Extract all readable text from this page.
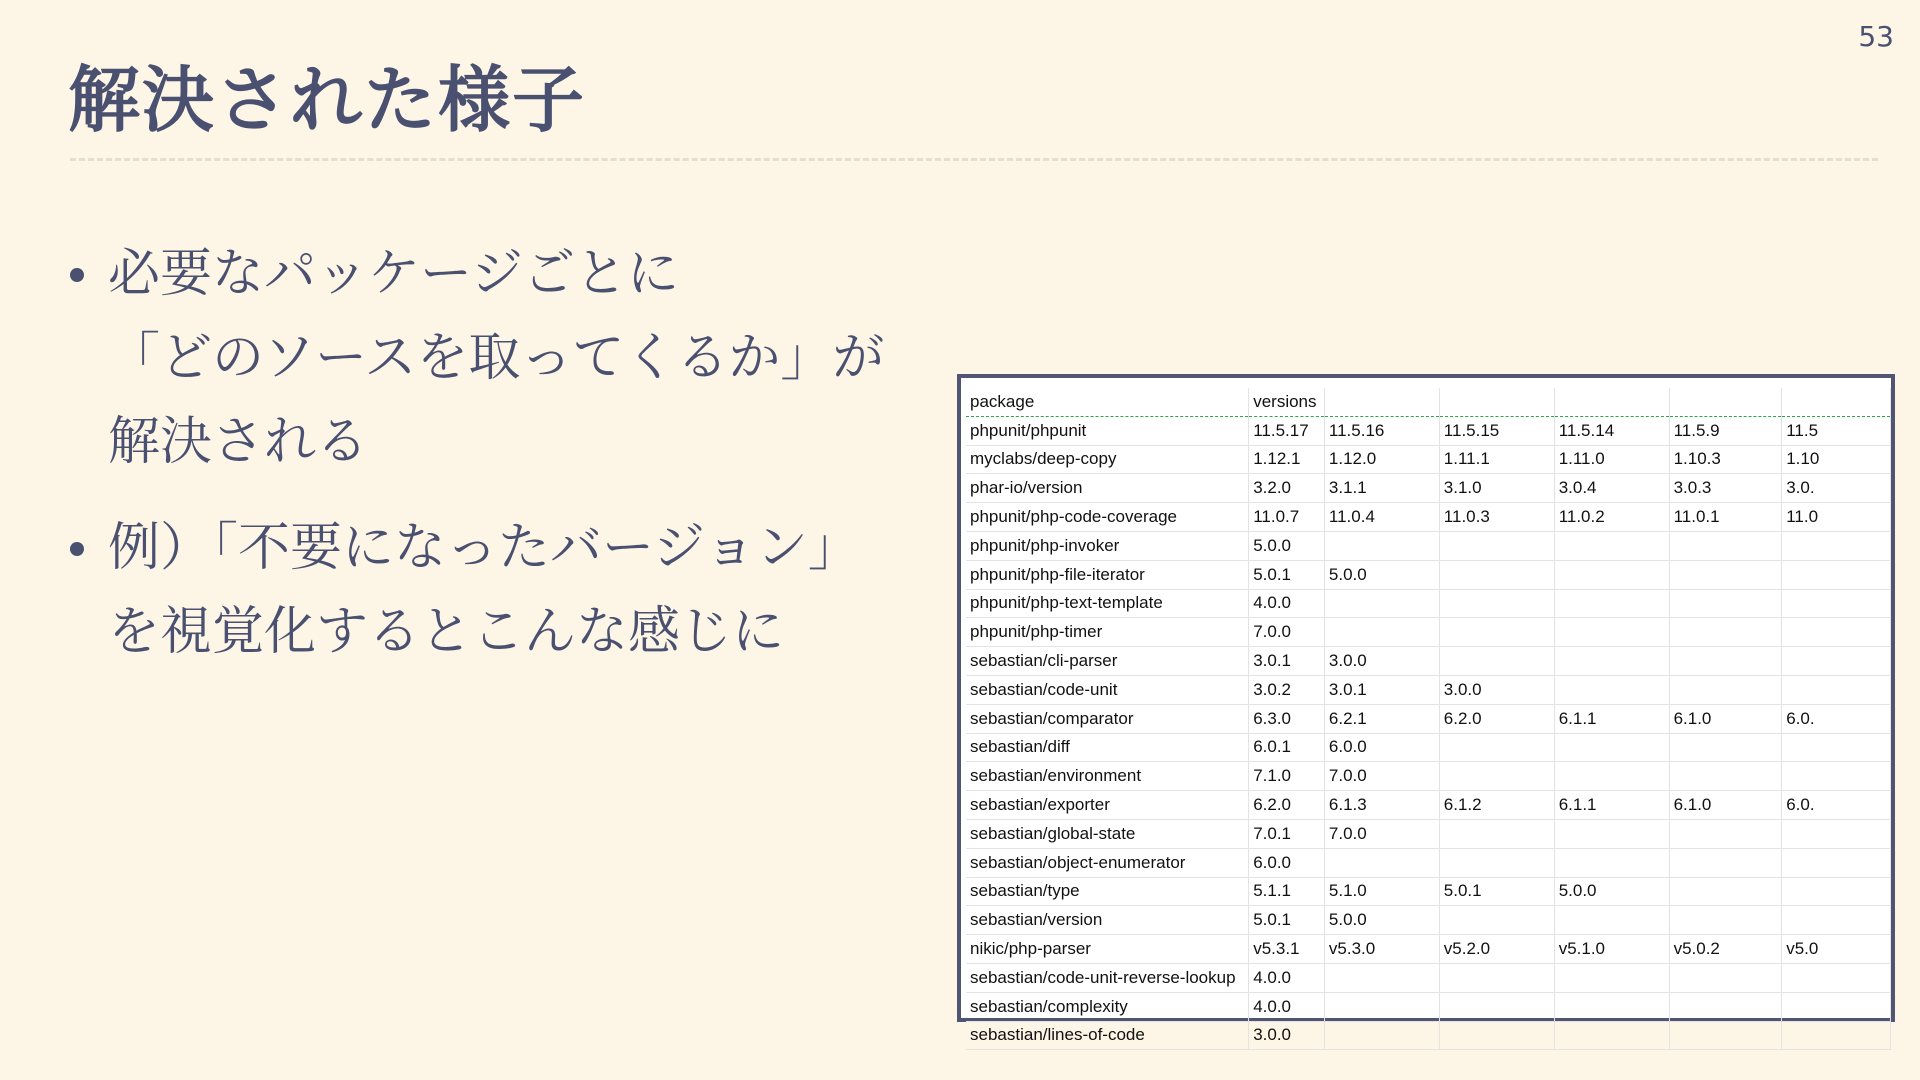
53
解決された様子
必要なパッケージごとに
「どのソースを取ってくるか」が
解決される
例）「不要になったバージョン」
を視覚化するとこんな感じに
package	versions					
phpunit/phpunit	11.5.17	11.5.16	11.5.15	11.5.14	11.5.9	11.5
myclabs/deep-copy	1.12.1	1.12.0	1.11.1	1.11.0	1.10.3	1.10
phar-io/version	3.2.0	3.1.1	3.1.0	3.0.4	3.0.3	3.0.
phpunit/php-code-coverage	11.0.7	11.0.4	11.0.3	11.0.2	11.0.1	11.0
phpunit/php-invoker	5.0.0					
phpunit/php-file-iterator	5.0.1	5.0.0				
phpunit/php-text-template	4.0.0					
phpunit/php-timer	7.0.0					
sebastian/cli-parser	3.0.1	3.0.0				
sebastian/code-unit	3.0.2	3.0.1	3.0.0			
sebastian/comparator	6.3.0	6.2.1	6.2.0	6.1.1	6.1.0	6.0.
sebastian/diff	6.0.1	6.0.0				
sebastian/environment	7.1.0	7.0.0				
sebastian/exporter	6.2.0	6.1.3	6.1.2	6.1.1	6.1.0	6.0.
sebastian/global-state	7.0.1	7.0.0				
sebastian/object-enumerator	6.0.0					
sebastian/type	5.1.1	5.1.0	5.0.1	5.0.0		
sebastian/version	5.0.1	5.0.0				
nikic/php-parser	v5.3.1	v5.3.0	v5.2.0	v5.1.0	v5.0.2	v5.0
sebastian/code-unit-reverse-lookup	4.0.0					
sebastian/complexity	4.0.0					
sebastian/lines-of-code	3.0.0					
